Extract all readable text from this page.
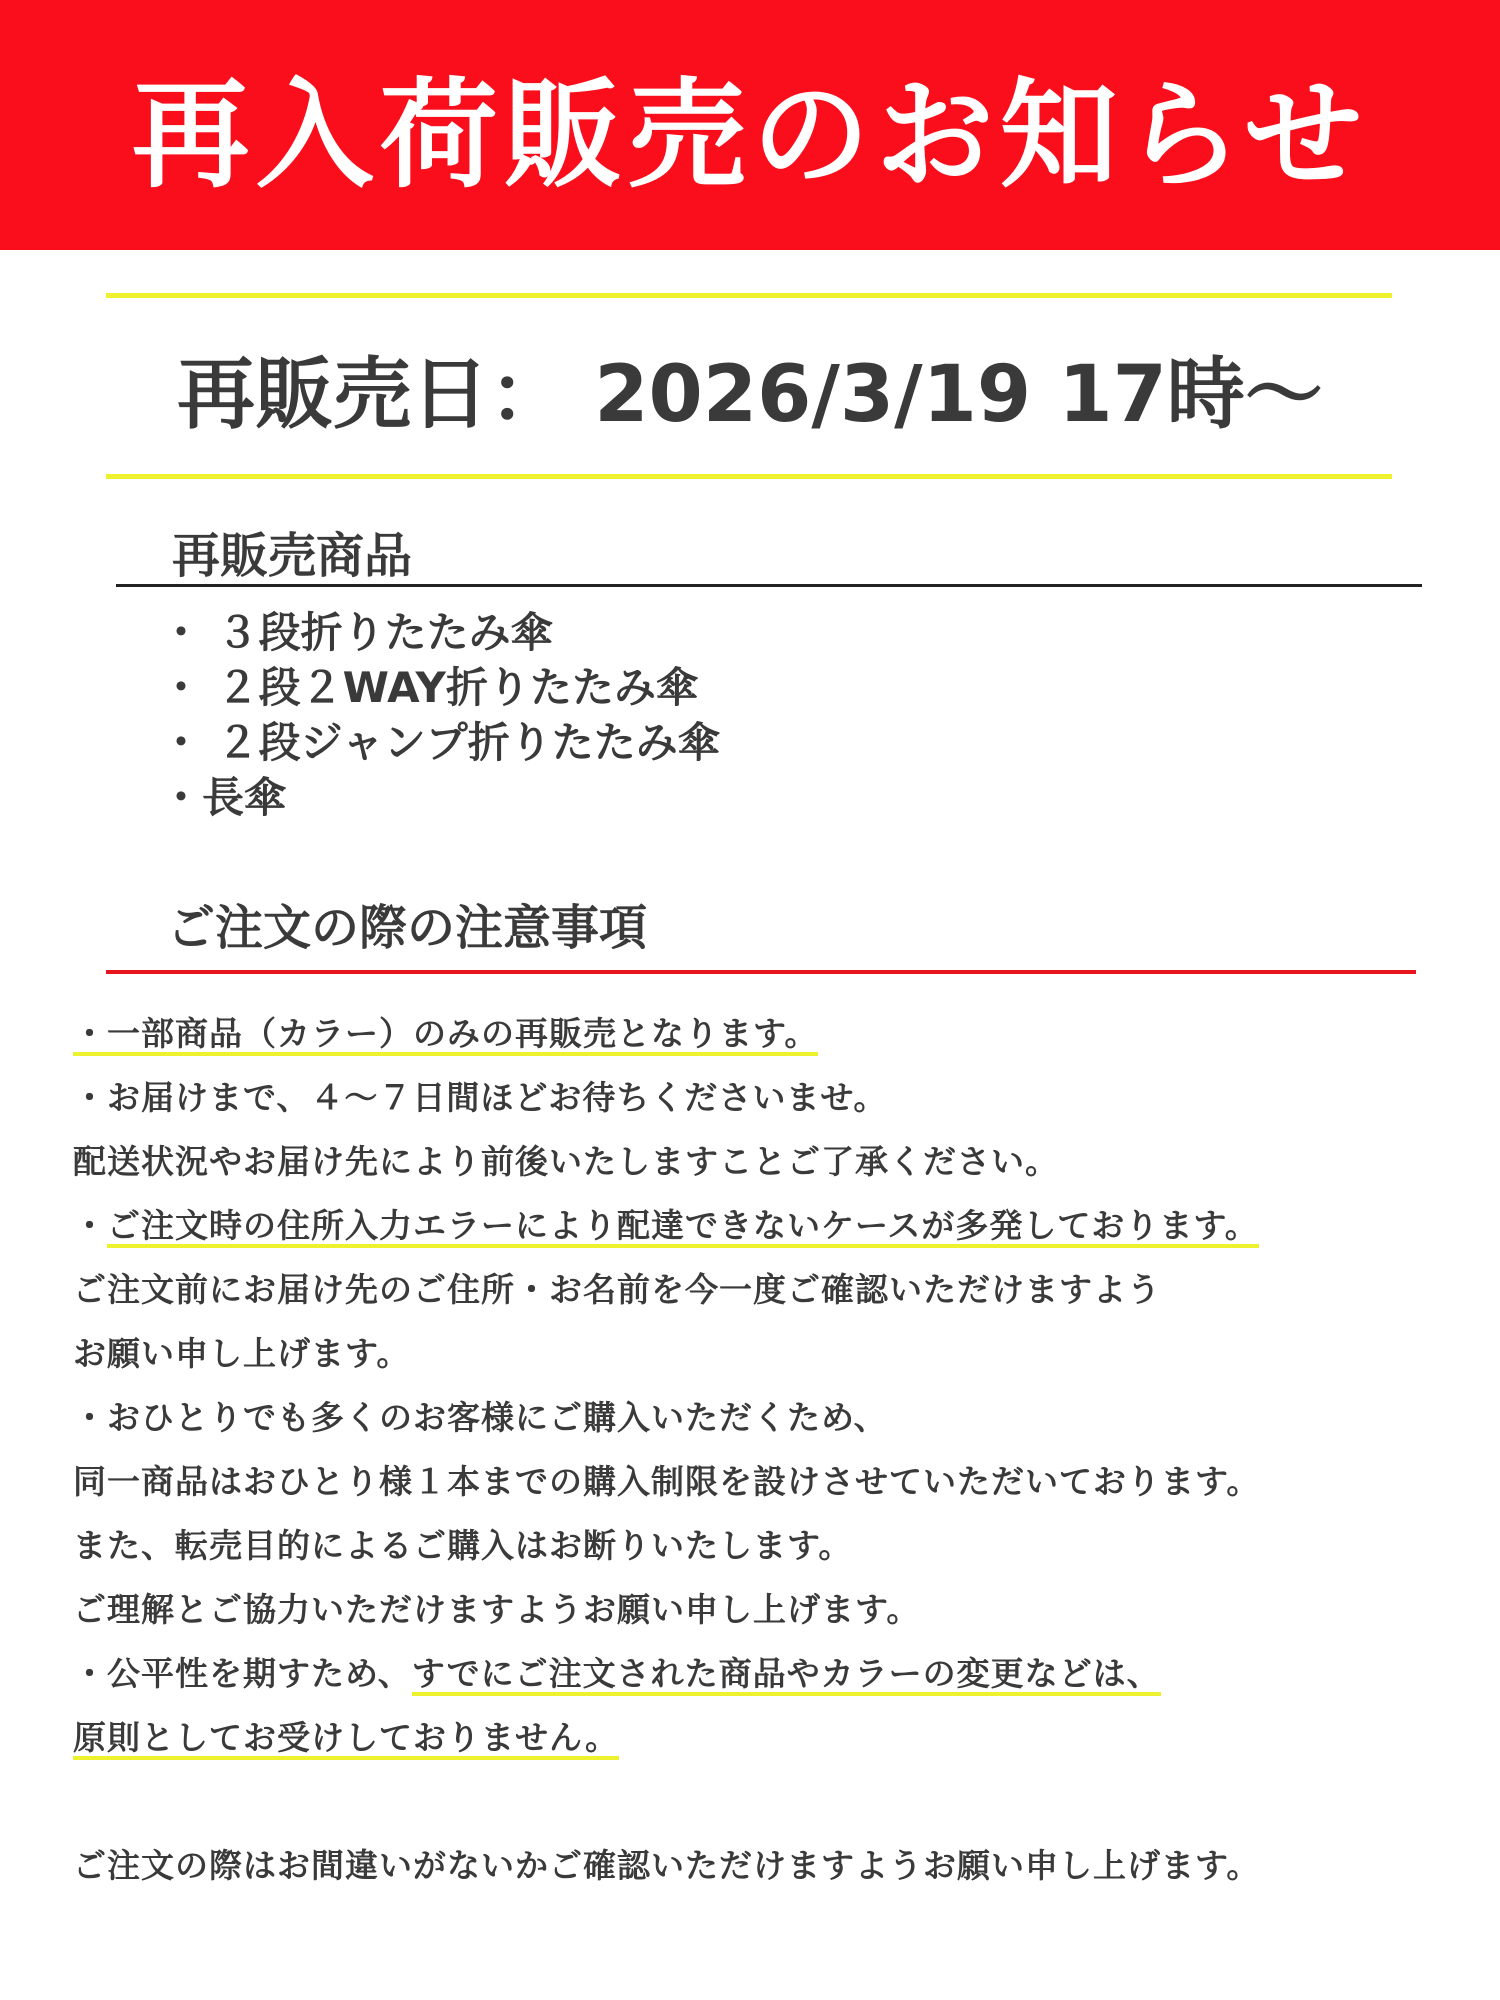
再入荷販売のお知らせ
再販売日： 2026/3/19 17時～
再販売商品
・ ３段折りたたみ傘
・ ２段２WAY折りたたみ傘
・ ２段ジャンプ折りたたみ傘
・長傘
ご注文の際の注意事項
・一部商品（カラー）のみの再販売となります。
・お届けまで、４～７日間ほどお待ちくださいませ。
配送状況やお届け先により前後いたしますことご了承ください。
・ご注文時の住所入力エラーにより配達できないケースが多発しております。
ご注文前にお届け先のご住所・お名前を今一度ご確認いただけますよう
お願い申し上げます。
・おひとりでも多くのお客様にご購入いただくため、
同一商品はおひとり様１本までの購入制限を設けさせていただいております。
また、転売目的によるご購入はお断りいたします。
ご理解とご協力いただけますようお願い申し上げます。
・公平性を期すため、すでにご注文された商品やカラーの変更などは、
原則としてお受けしておりません。
ご注文の際はお間違いがないかご確認いただけますようお願い申し上げます。
